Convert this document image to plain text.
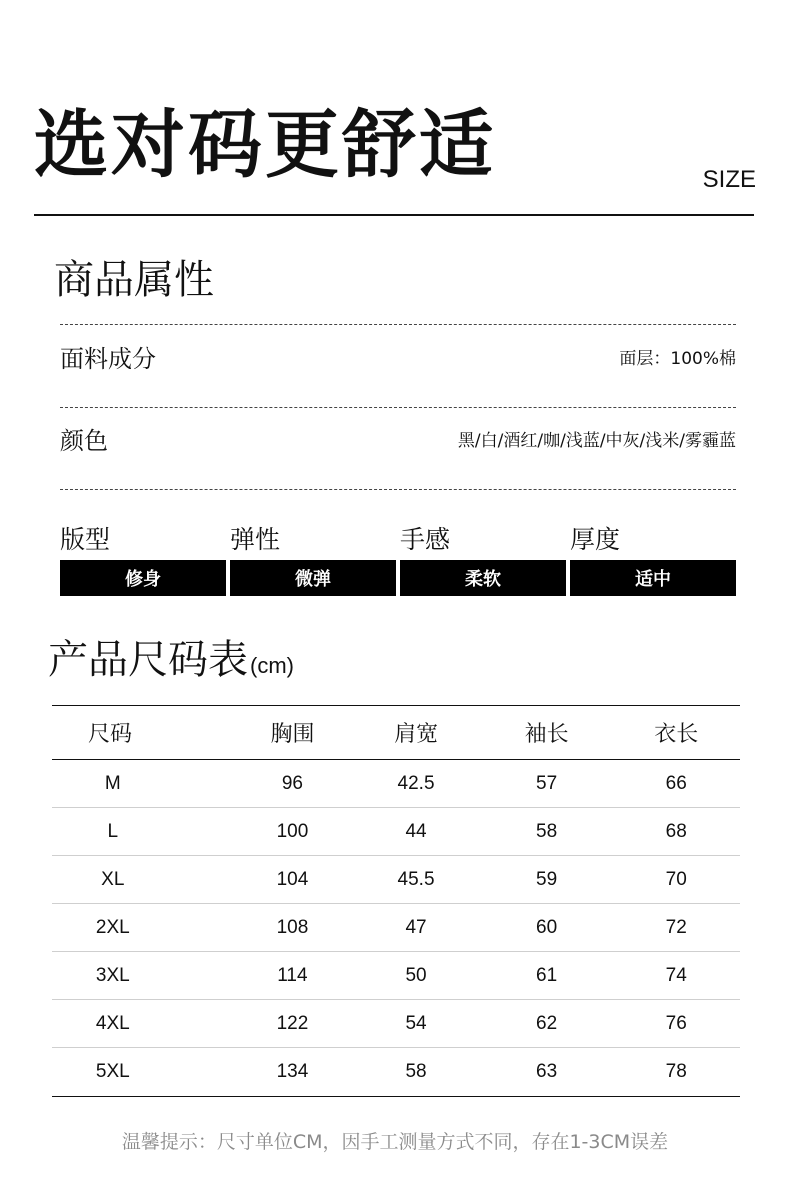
选对码更舒适	SIZE
商品属性
面料成分	面层：100%棉
颜色	黑/白/酒红/咖/浅蓝/中灰/浅米/雾霾蓝
版型
修身
弹性
微弹
手感
柔软
厚度
适中
产品尺码表 (cm)
尺码	胸围	肩宽	袖长	衣长
M	96	42.5	57	66
L	100	44	58	68
XL	104	45.5	59	70
2XL	108	47	60	72
3XL	114	50	61	74
4XL	122	54	62	76
5XL	134	58	63	78
温馨提示：尺寸单位CM，因手工测量方式不同，存在1-3CM误差
